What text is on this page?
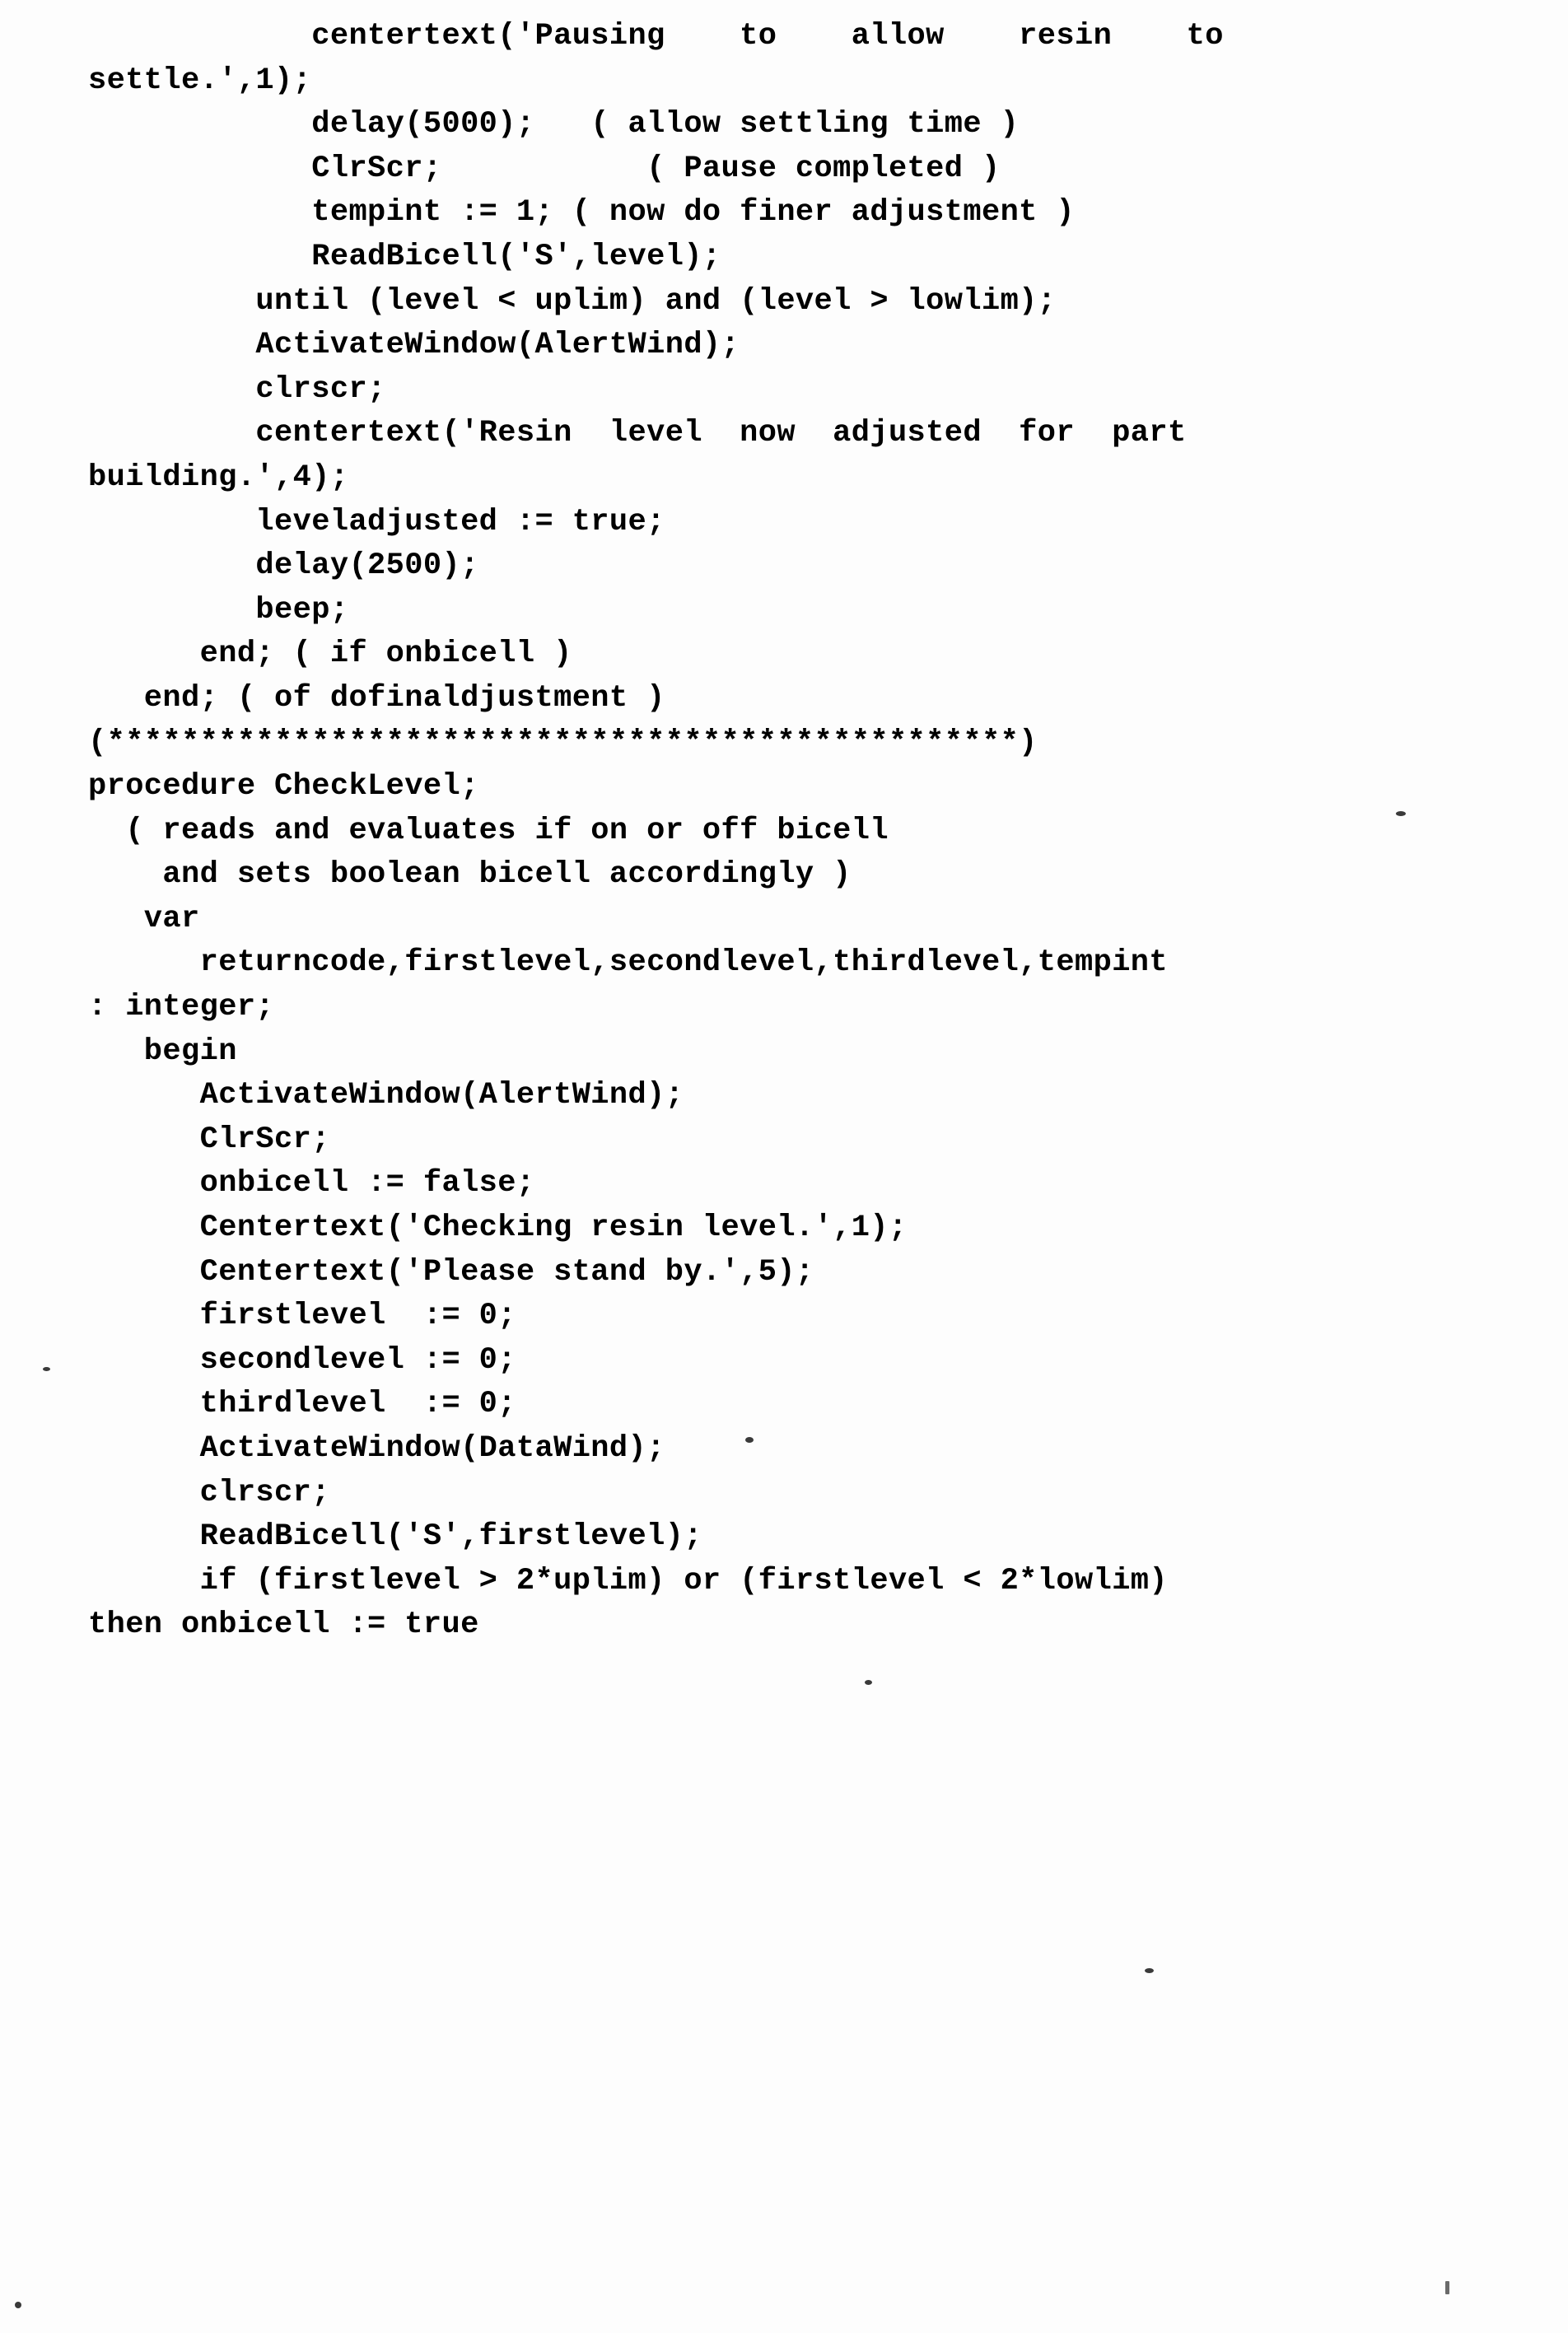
centertext('Pausing    to    allow    resin    to
settle.',1);
delay(5000);   ( allow settling time )
ClrScr;           ( Pause completed )
tempint := 1; ( now do finer adjustment )
ReadBicell('S',level);
until (level < uplim) and (level > lowlim);
ActivateWindow(AlertWind);
clrscr;
centertext('Resin  level  now  adjusted  for  part
building.',4);
leveladjusted := true;
delay(2500);
beep;
end; ( if onbicell )
end; ( of dofinaldjustment )
(*************************************************)
procedure CheckLevel;
( reads and evaluates if on or off bicell
and sets boolean bicell accordingly )
var
returncode,firstlevel,secondlevel,thirdlevel,tempint
: integer;
begin
ActivateWindow(AlertWind);
ClrScr;
onbicell := false;
Centertext('Checking resin level.',1);
Centertext('Please stand by.',5);
firstlevel  := 0;
secondlevel := 0;
thirdlevel  := 0;
ActivateWindow(DataWind);
clrscr;
ReadBicell('S',firstlevel);
if (firstlevel > 2*uplim) or (firstlevel < 2*lowlim)
then onbicell := true
